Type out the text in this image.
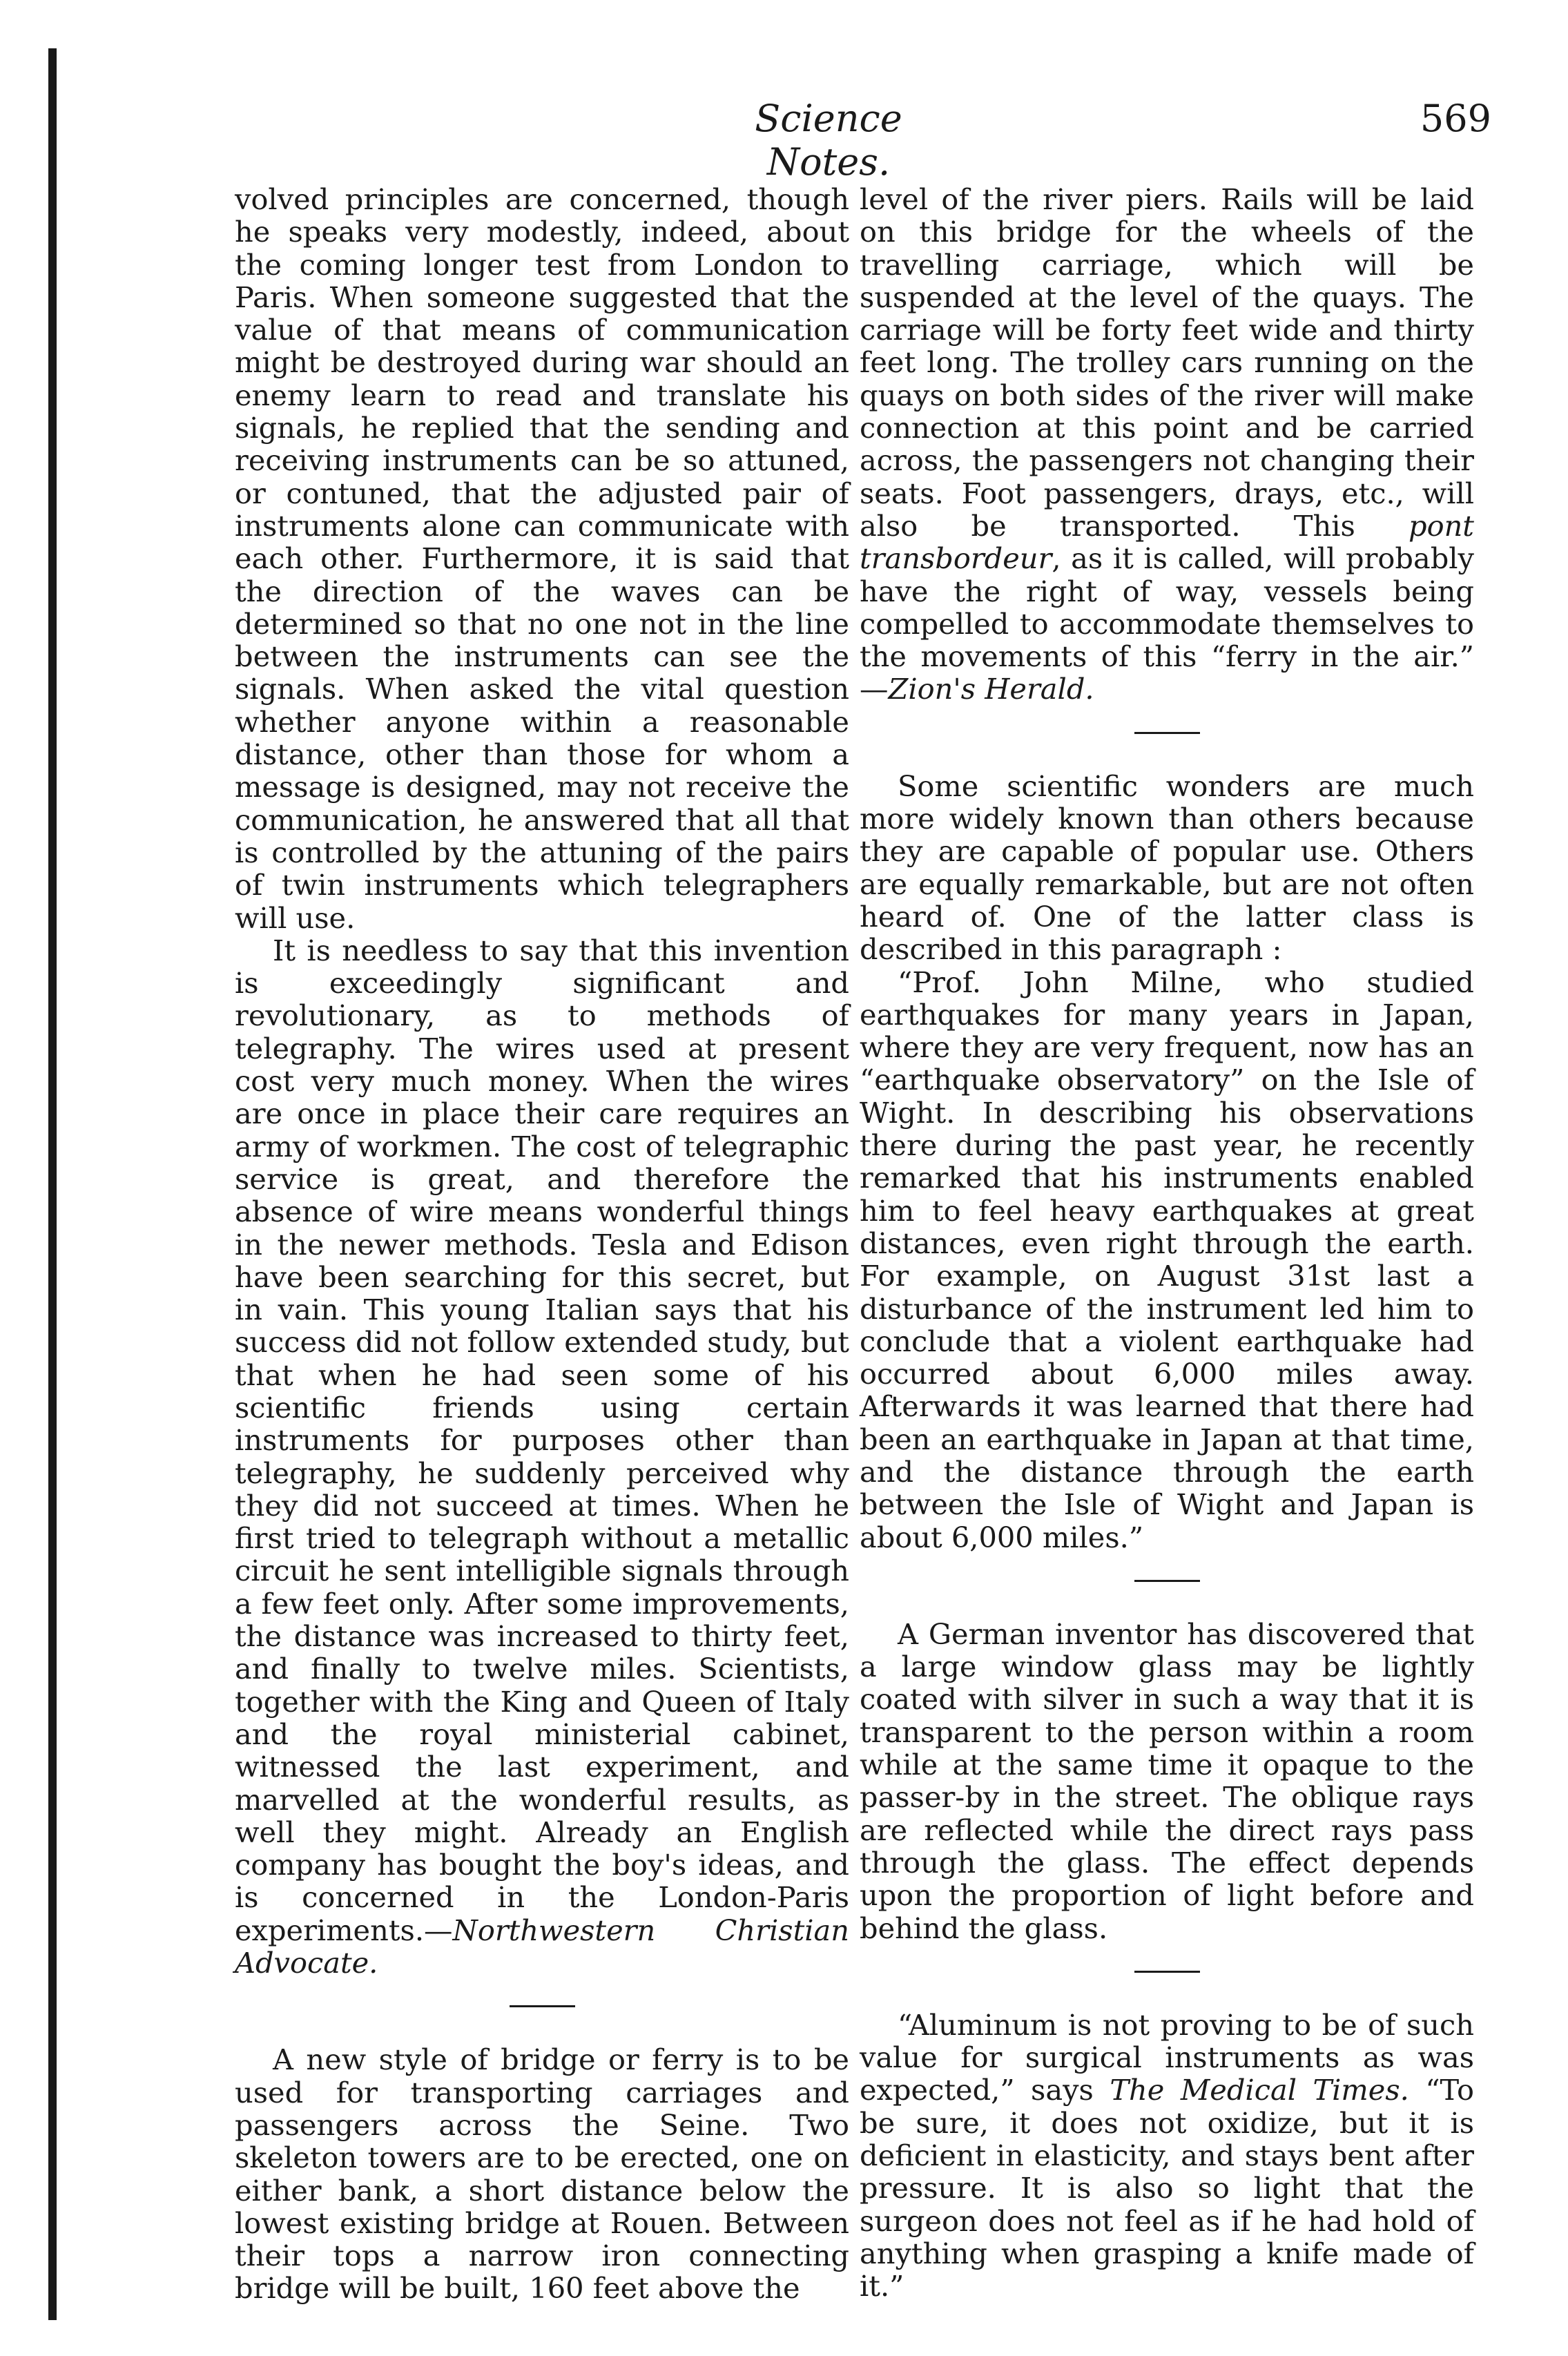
Science Notes.
569

volved principles are concerned, though he speaks very modestly, indeed, about the coming longer test from London to Paris. When someone suggested that the value of that means of communication might be destroyed during war should an enemy learn to read and translate his signals, he replied that the sending and receiving instruments can be so attuned, or contuned, that the adjusted pair of instruments alone can communicate with each other. Furthermore, it is said that the direction of the waves can be determined so that no one not in the line between the instruments can see the signals. When asked the vital question whether anyone within a reasonable distance, other than those for whom a message is designed, may not receive the communication, he answered that all that is controlled by the attuning of the pairs of twin instruments which telegraphers will use.

It is needless to say that this invention is exceedingly significant and revolutionary, as to methods of telegraphy. The wires used at present cost very much money. When the wires are once in place their care requires an army of workmen. The cost of telegraphic service is great, and therefore the absence of wire means wonderful things in the newer methods. Tesla and Edison have been searching for this secret, but in vain. This young Italian says that his success did not follow extended study, but that when he had seen some of his scientific friends using certain instruments for purposes other than telegraphy, he suddenly perceived why they did not succeed at times. When he first tried to telegraph without a metallic circuit he sent intelligible signals through a few feet only. After some improvements, the distance was increased to thirty feet, and finally to twelve miles. Scientists, together with the King and Queen of Italy and the royal ministerial cabinet, witnessed the last experiment, and marvelled at the wonderful results, as well they might. Already an English company has bought the boy's ideas, and is concerned in the London-Paris experiments.—Northwestern Christian Advocate.

A new style of bridge or ferry is to be used for transporting carriages and passengers across the Seine. Two skeleton towers are to be erected, one on either bank, a short distance below the lowest existing bridge at Rouen. Between their tops a narrow iron connecting bridge will be built, 160 feet above the

level of the river piers. Rails will be laid on this bridge for the wheels of the travelling carriage, which will be suspended at the level of the quays. The carriage will be forty feet wide and thirty feet long. The trolley cars running on the quays on both sides of the river will make connection at this point and be carried across, the passengers not changing their seats. Foot passengers, drays, etc., will also be transported. This pont transbordeur, as it is called, will probably have the right of way, vessels being compelled to accommodate themselves to the movements of this “ferry in the air.” —Zion's Herald.

Some scientific wonders are much more widely known than others because they are capable of popular use. Others are equally remarkable, but are not often heard of. One of the latter class is described in this paragraph :

“Prof. John Milne, who studied earthquakes for many years in Japan, where they are very frequent, now has an “earthquake observatory” on the Isle of Wight. In describing his observations there during the past year, he recently remarked that his instruments enabled him to feel heavy earthquakes at great distances, even right through the earth. For example, on August 31st last a disturbance of the instrument led him to conclude that a violent earthquake had occurred about 6,000 miles away. Afterwards it was learned that there had been an earthquake in Japan at that time, and the distance through the earth between the Isle of Wight and Japan is about 6,000 miles.”

A German inventor has discovered that a large window glass may be lightly coated with silver in such a way that it is transparent to the person within a room while at the same time it opaque to the passer-by in the street. The oblique rays are reflected while the direct rays pass through the glass. The effect depends upon the proportion of light before and behind the glass.

“Aluminum is not proving to be of such value for surgical instruments as was expected,” says The Medical Times. “To be sure, it does not oxidize, but it is deficient in elasticity, and stays bent after pressure. It is also so light that the surgeon does not feel as if he had hold of anything when grasping a knife made of it.”
